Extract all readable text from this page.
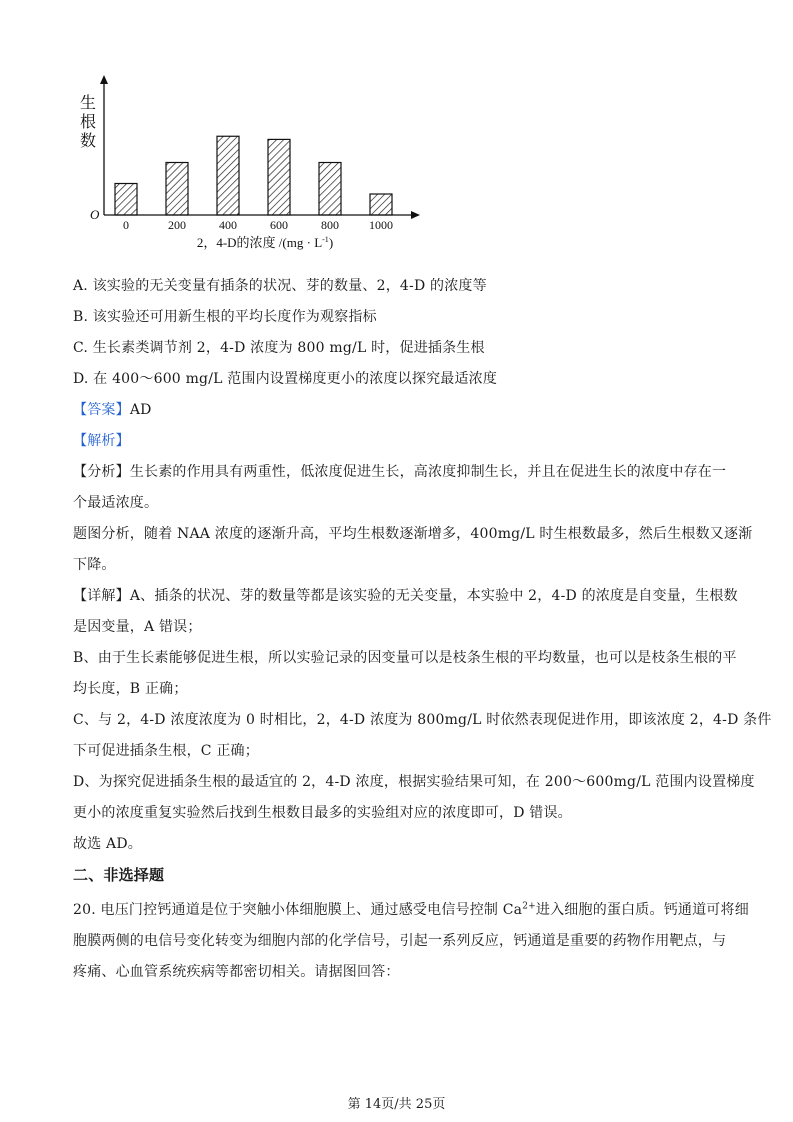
生
根
数
0	200	400	600	800	1000
O
2，4-D的浓度 $/(mg \cdot L^{-1})$
A. 该实验的无关变量有插条的状况、芽的数量、2，4-D 的浓度等
B. 该实验还可用新生根的平均长度作为观察指标
C. 生长素类调节剂 2，4-D 浓度为 800 mg/L 时，促进插条生根
D. 在 400～600 mg/L 范围内设置梯度更小的浓度以探究最适浓度
【答案】AD
【解析】
【分析】生长素的作用具有两重性，低浓度促进生长，高浓度抑制生长，并且在促进生长的浓度中存在一
个最适浓度。
题图分析，随着 NAA 浓度的逐渐升高，平均生根数逐渐增多，400mg/L 时生根数最多，然后生根数又逐渐
下降。
【详解】A、插条的状况、芽的数量等都是该实验的无关变量，本实验中 2，4-D 的浓度是自变量，生根数
是因变量，A 错误；
B、由于生长素能够促进生根，所以实验记录的因变量可以是枝条生根的平均数量，也可以是枝条生根的平
均长度，B 正确；
C、与 2，4-D 浓度浓度为 0 时相比，2，4-D 浓度为 800mg/L 时依然表现促进作用，即该浓度 2，4-D 条件
下可促进插条生根，C 正确；
D、为探究促进插条生根的最适宜的 2，4-D 浓度，根据实验结果可知，在 200～600mg/L 范围内设置梯度
更小的浓度重复实验然后找到生根数目最多的实验组对应的浓度即可，D 错误。
故选 AD。
二、非选择题
20. 电压门控钙通道是位于突触小体细胞膜上、通过感受电信号控制 $Ca^{2+}$进入细胞的蛋白质。钙通道可将细
胞膜两侧的电信号变化转变为细胞内部的化学信号，引起一系列反应，钙通道是重要的药物作用靶点，与
疼痛、心血管系统疾病等都密切相关。请据图回答：
第 14页/共 25页
